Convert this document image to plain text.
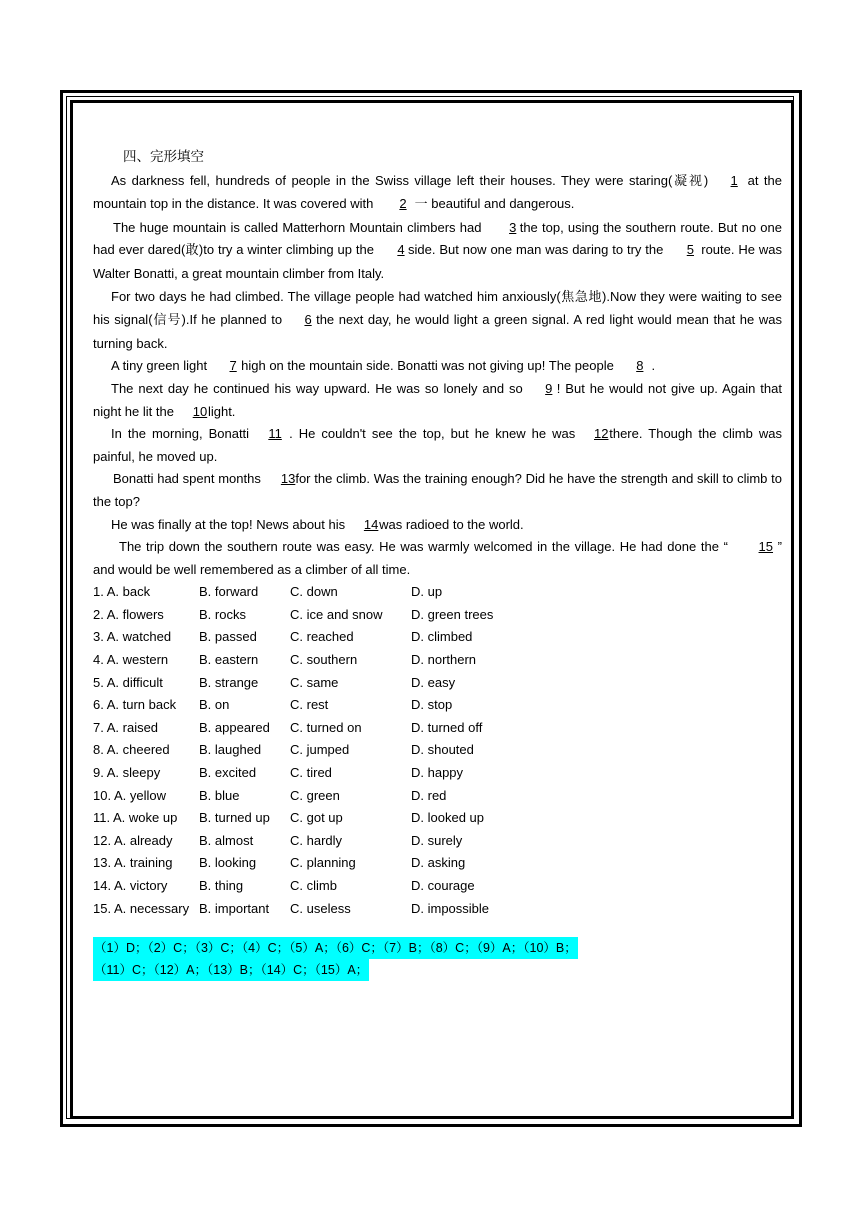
四、完形填空

As darkness fell, hundreds of people in the Swiss village left their houses. They were staring(凝视) 1 at the mountain top in the distance. It was covered with 2 一 beautiful and dangerous.

The huge mountain is called Matterhorn Mountain climbers had 3 the top, using the southern route. But no one had ever dared(敢)to try a winter climbing up the 4 side. But now one man was daring to try the 5 route. He was Walter Bonatti, a great mountain climber from Italy.

For two days he had climbed. The village people had watched him anxiously(焦急地).Now they were waiting to see his signal(信号).If he planned to 6 the next day, he would light a green signal. A red light would mean that he was turning back.

A tiny green light 7 high on the mountain side. Bonatti was not giving up! The people 8 .

The next day he continued his way upward. He was so lonely and so 9 ! But he would not give up. Again that night he lit the 10light.

In the morning, Bonatti 11 . He couldn't see the top, but he knew he was 12there. Though the climb was painful, he moved up.

Bonatti had spent months 13for the climb. Was the training enough? Did he have the strength and skill to climb to the top?

He was finally at the top! News about his 14was radioed to the world.

The trip down the southern route was easy. He was warmly welcomed in the village. He had done the “ 15 ” and would be well remembered as a climber of all time.

1. A. back	B. forward	C. down	D. up
2. A. flowers	B. rocks	C. ice and snow	D. green trees
3. A. watched	B. passed	C. reached	D. climbed
4. A. western	B. eastern	C. southern	D. northern
5. A. difficult	B. strange	C. same	D. easy
6. A. turn back	B. on	C. rest	D. stop
7. A. raised	B. appeared	C. turned on	D. turned off
8. A. cheered	B. laughed	C. jumped	D. shouted
9. A. sleepy	B. excited	C. tired	D. happy
10. A. yellow	B. blue	C. green	D. red
11. A. woke up	B. turned up	C. got up	D. looked up
12. A. already	B. almost	C. hardly	D. surely
13. A. training	B. looking	C. planning	D. asking
14. A. victory	B. thing	C. climb	D. courage
15. A. necessary B. important	C. useless	D. impossible
（1）D；（2）C；（3）C；（4）C；（5）A；（6）C；（7）B；（8）C；（9）A；（10）B；
（11）C；（12）A；（13）B；（14）C；（15）A；
